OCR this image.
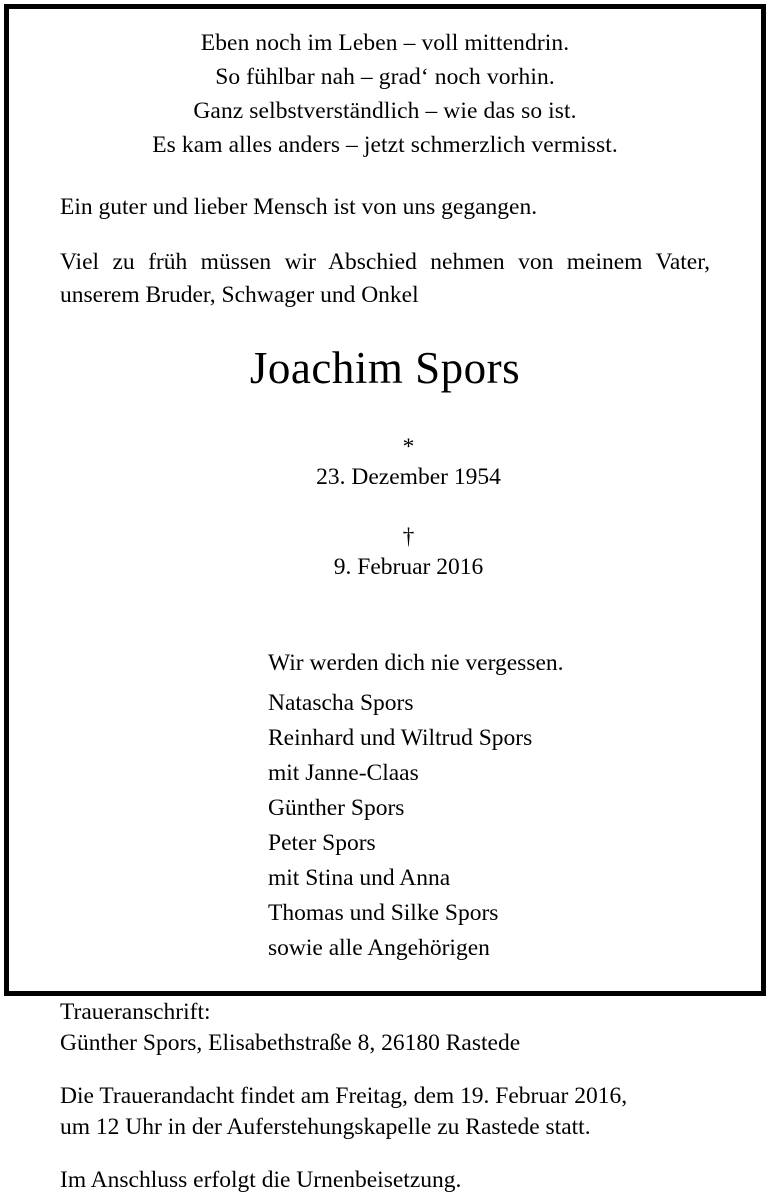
Eben noch im Leben – voll mittendrin.
So fühlbar nah – grad‘ noch vorhin.
Ganz selbstverständlich – wie das so ist.
Es kam alles anders – jetzt schmerzlich vermisst.
Ein guter und lieber Mensch ist von uns gegangen.
Viel zu früh müssen wir Abschied nehmen von meinem Vater, unserem Bruder, Schwager und Onkel
Joachim Spors

*
23. Dezember 1954

†
9. Februar 2016

Wir werden dich nie vergessen.
Natascha Spors
Reinhard und Wiltrud Spors
mit Janne-Claas
Günther Spors
Peter Spors
mit Stina und Anna
Thomas und Silke Spors
sowie alle Angehörigen
Traueranschrift:
Günther Spors, Elisabethstraße 8, 26180 Rastede
Die Trauerandacht findet am Freitag, dem 19. Februar 2016,
um 12 Uhr in der Auferstehungskapelle zu Rastede statt.
Im Anschluss erfolgt die Urnenbeisetzung.
